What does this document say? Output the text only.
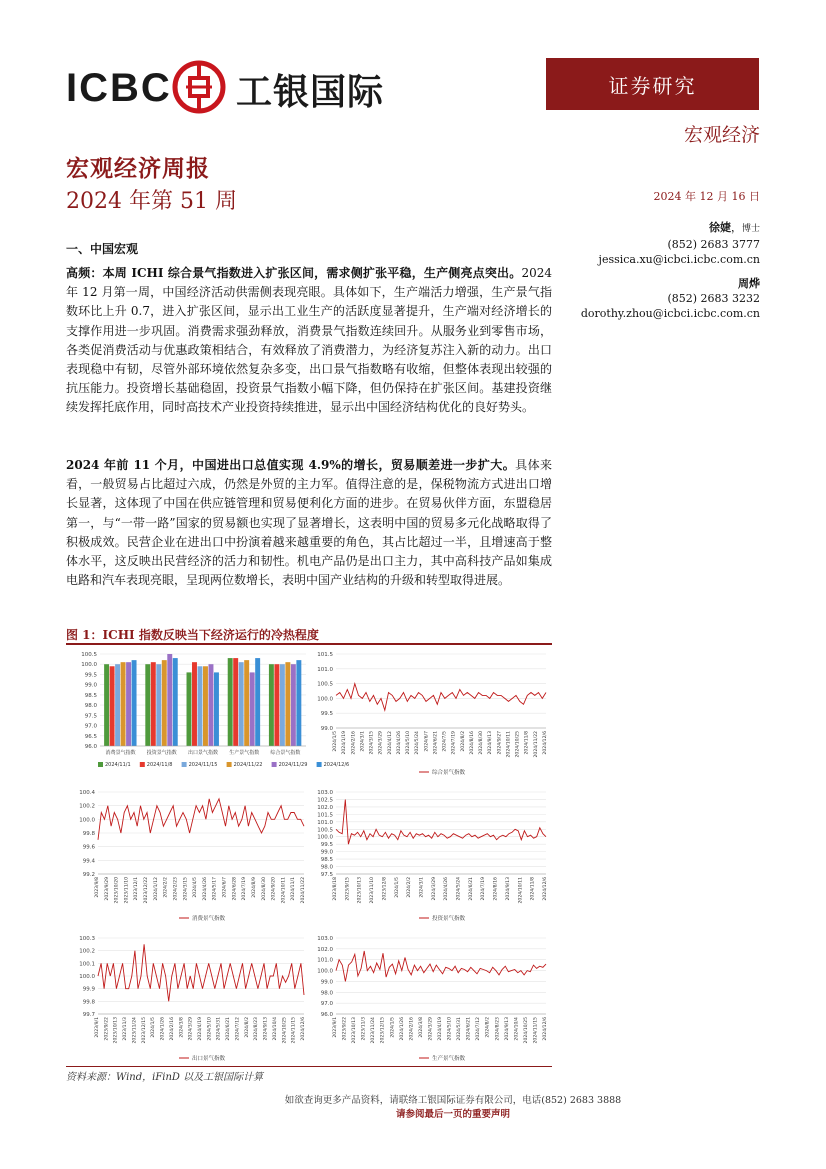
ICBC 工银国际	证券研究
宏观经济
宏观经济周报
2024 年第 51 周	2024 年 12 月 16 日
徐婕，博士
(852) 2683 3777
jessica.xu@icbci.icbc.com.cn
周烨
(852) 2683 3232
dorothy.zhou@icbci.icbc.com.cn
一、中国宏观
高频：本周 ICHI 综合景气指数进入扩张区间，需求侧扩张平稳，生产侧亮点突出。2024 年 12 月第一周，中国经济活动供需侧表现亮眼。具体如下，生产端活力增强，生产景气指数环比上升 0.7，进入扩张区间，显示出工业生产的活跃度显著提升，生产端对经济增长的支撑作用进一步巩固。消费需求强劲释放，消费景气指数连续回升。从服务业到零售市场，各类促消费活动与优惠政策相结合，有效释放了消费潜力，为经济复苏注入新的动力。出口表现稳中有韧，尽管外部环境依然复杂多变，出口景气指数略有收缩，但整体表现出较强的抗压能力。投资增长基础稳固，投资景气指数小幅下降，但仍保持在扩张区间。基建投资继续发挥托底作用，同时高技术产业投资持续推进，显示出中国经济结构优化的良好势头。
2024 年前 11 个月，中国进出口总值实现 4.9%的增长，贸易顺差进一步扩大。具体来看，一般贸易占比超过六成，仍然是外贸的主力军。值得注意的是，保税物流方式进出口增长显著，这体现了中国在供应链管理和贸易便利化方面的进步。在贸易伙伴方面，东盟稳居第一，与“一带一路”国家的贸易额也实现了显著增长，这表明中国的贸易多元化战略取得了积极成效。民营企业在进出口中扮演着越来越重要的角色，其占比超过一半，且增速高于整体水平，这反映出民营经济的活力和韧性。机电产品仍是出口主力，其中高科技产品如集成电路和汽车表现亮眼，呈现两位数增长，表明中国产业结构的升级和转型取得进展。
图 1：ICHI 指数反映当下经济运行的冷热程度
96.0
96.5
97.0
97.5
98.0
98.5
99.0
99.5
100.0
100.5
消费景气指数 投资景气指数 出口景气指数 生产景气指数 综合景气指数
2024/11/1	2024/11/8	2024/11/15	2024/11/22	2024/11/29	2024/12/6
99.0
99.5
100.0
100.5
101.0
101.5
2024/1/5 2024/1/19 2024/2/16 2024/3/1 2024/3/15 2024/3/29 2024/4/12 2024/4/26 2024/5/10 2024/5/24 2024/6/7 2024/6/21 2024/7/5 2024/7/19 2024/8/2 2024/8/16 2024/8/30 2024/9/13 2024/9/27 2024/10/11 2024/10/25 2024/11/8 2024/11/22 2024/12/6
综合景气指数
99.2
99.4
99.6
99.8
100.0
100.2
100.4
2023/9/8 2023/9/29 2023/10/20 2023/11/10 2023/12/1 2023/12/22 2024/1/12 2024/2/2 2024/2/23 2024/3/15 2024/4/5 2024/4/26 2024/5/17 2024/6/7 2024/6/28 2024/7/19 2024/8/9 2024/8/30 2024/9/20 2024/10/11 2024/11/1 2024/11/22
消费景气指数
97.5
98.0
98.5
99.0
99.5
100.0
100.5
101.0
101.5
102.0
102.5
103.0
2023/8/18 2023/9/15 2023/10/13 2023/11/10 2023/12/8 2024/1/5 2024/2/2 2024/3/1 2024/3/29 2024/4/26 2024/5/24 2024/6/21 2024/7/19 2024/8/16 2024/9/13 2024/10/11 2024/11/8 2024/12/6
投资景气指数
99.7
99.8
99.9
100.0
100.1
100.2
100.3
2023/9/1 2023/9/22 2023/10/13 2023/11/3 2023/11/24 2023/12/15 2024/1/5 2024/1/26 2024/2/16 2024/3/8 2024/3/29 2024/4/19 2024/5/10 2024/5/31 2024/6/21 2024/7/12 2024/8/2 2024/8/23 2024/9/13 2024/10/4 2024/10/25 2024/11/15 2024/12/6
出口景气指数
96.0
97.0
98.0
99.0
100.0
101.0
102.0
103.0
2023/9/1 2023/9/22 2023/10/13 2023/11/3 2023/11/24 2023/12/15 2024/1/5 2024/1/26 2024/2/16 2024/3/8 2024/3/29 2024/4/19 2024/5/10 2024/5/31 2024/6/21 2024/7/12 2024/8/2 2024/8/23 2024/9/13 2024/10/4 2024/10/25 2024/11/15 2024/12/6
生产景气指数
资料来源：Wind，iFinD 以及工银国际计算
如欲查询更多产品资料，请联络工银国际证券有限公司，电话(852) 2683 3888
请参阅最后一页的重要声明
